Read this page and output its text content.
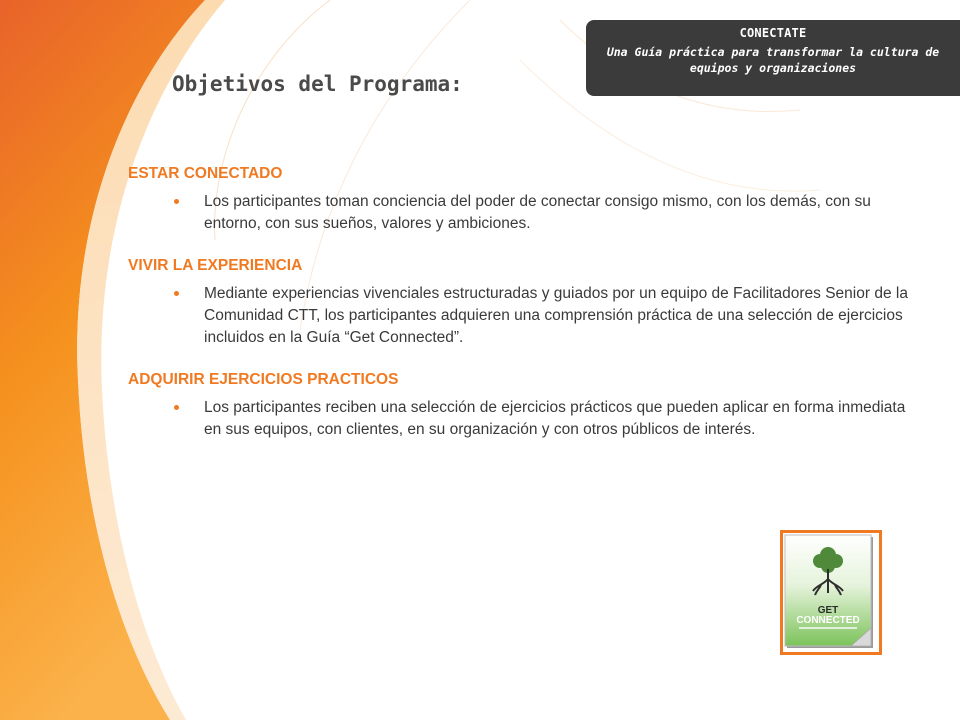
CONECTATE
Una Guía práctica para transformar la cultura de equipos y organizaciones
Objetivos del Programa:
ESTAR CONECTADO
Los participantes toman conciencia del poder de conectar consigo mismo, con los demás, con su entorno, con sus sueños, valores y ambiciones.
VIVIR LA EXPERIENCIA
Mediante experiencias vivenciales estructuradas y guiados por un equipo de Facilitadores Senior de la Comunidad CTT, los participantes adquieren una comprensión práctica de una selección de ejercicios incluidos en la Guía “Get Connected”.
ADQUIRIR EJERCICIOS PRACTICOS
Los participantes reciben una selección de ejercicios prácticos que pueden aplicar en forma inmediata en sus equipos, con clientes, en su organización y con otros públicos de interés.
GET
CONNECTED
